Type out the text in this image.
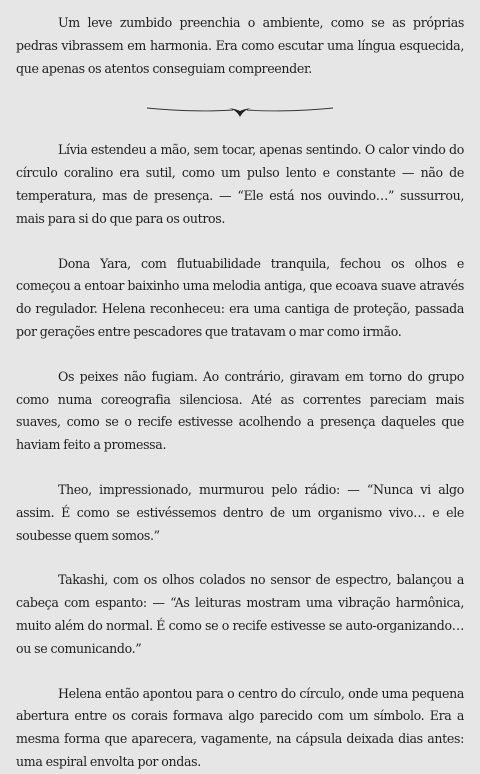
Um leve zumbido preenchia o ambiente, como se as próprias pedras vibrassem em harmonia. Era como escutar uma língua esquecida, que apenas os atentos conseguiam compreender.

Lívia estendeu a mão, sem tocar, apenas sentindo. O calor vindo do círculo coralino era sutil, como um pulso lento e constante — não de temperatura, mas de presença. — “Ele está nos ouvindo…” sussurrou, mais para si do que para os outros.

Dona Yara, com flutuabilidade tranquila, fechou os olhos e começou a entoar baixinho uma melodia antiga, que ecoava suave através do regulador. Helena reconheceu: era uma cantiga de proteção, passada por gerações entre pescadores que tratavam o mar como irmão.

Os peixes não fugiam. Ao contrário, giravam em torno do grupo como numa coreografia silenciosa. Até as correntes pareciam mais suaves, como se o recife estivesse acolhendo a presença daqueles que haviam feito a promessa.

Theo, impressionado, murmurou pelo rádio: — “Nunca vi algo assim. É como se estivéssemos dentro de um organismo vivo… e ele soubesse quem somos.”

Takashi, com os olhos colados no sensor de espectro, balançou a cabeça com espanto: — “As leituras mostram uma vibração harmônica, muito além do normal. É como se o recife estivesse se auto-organizando… ou se comunicando.”

Helena então apontou para o centro do círculo, onde uma pequena abertura entre os corais formava algo parecido com um símbolo. Era a mesma forma que aparecera, vagamente, na cápsula deixada dias antes: uma espiral envolta por ondas.
